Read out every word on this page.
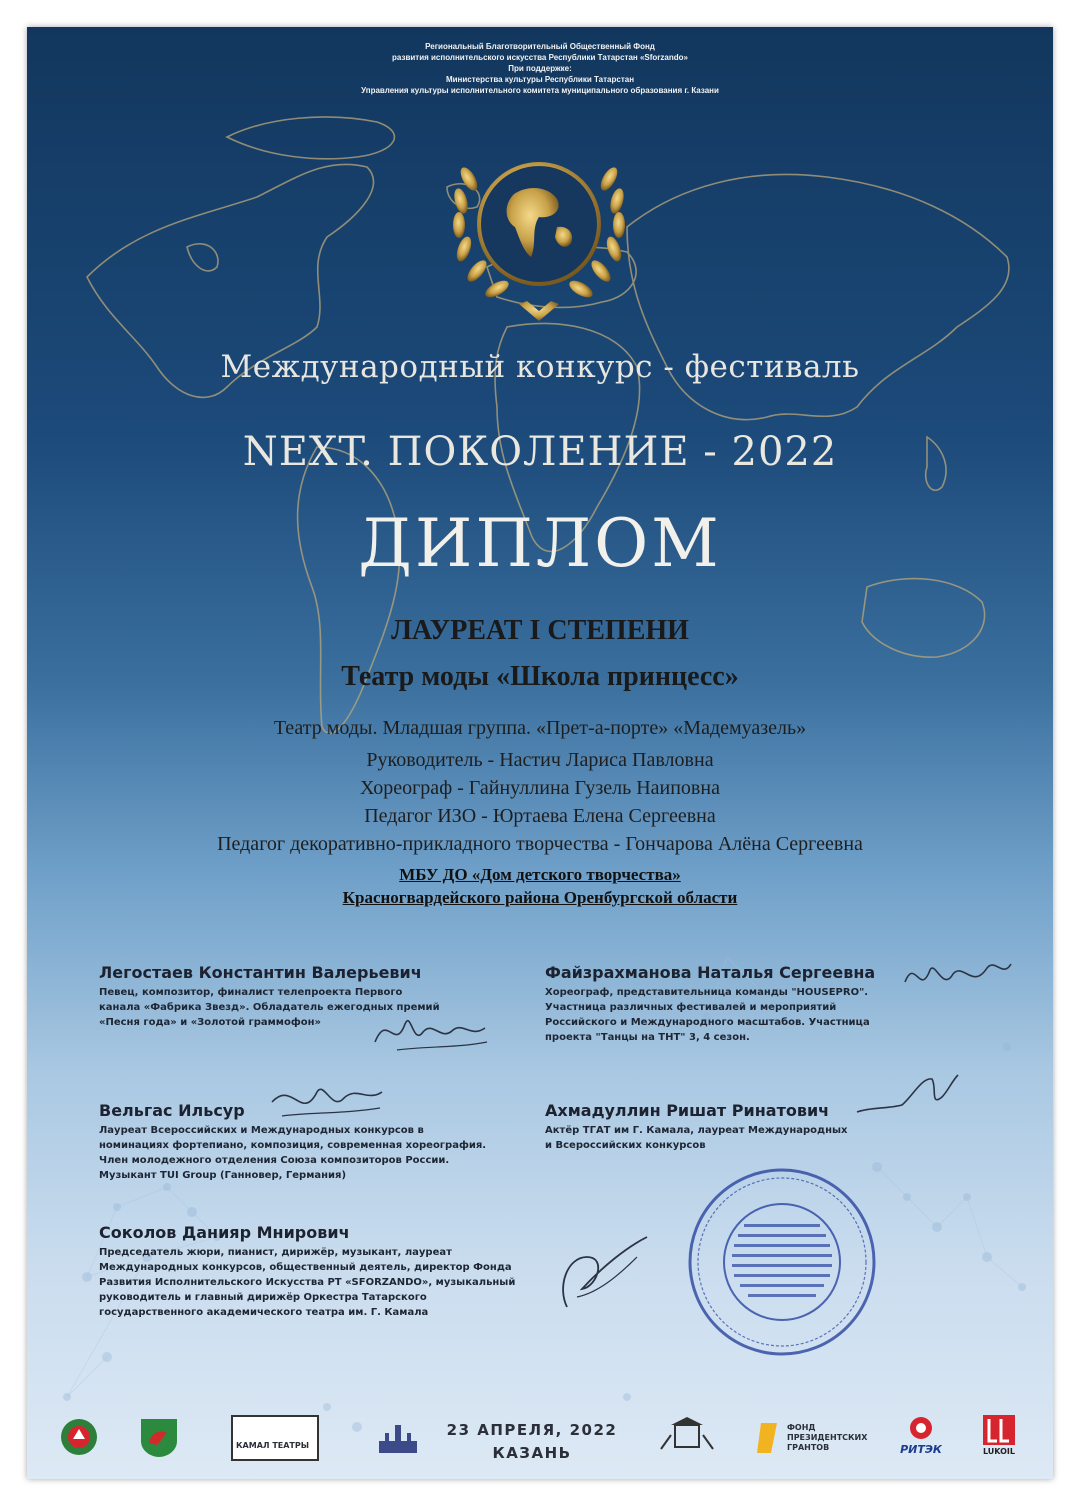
Региональный Благотворительный Общественный Фонд
развития исполнительского искусства Республики Татарстан «Sforzando»
При поддержке:
Министерства культуры Республики Татарстан
Управления культуры исполнительного комитета муниципального образования г. Казани
Международный конкурс - фестиваль
NEXT. ПОКОЛЕНИЕ - 2022
ДИПЛОМ
ЛАУРЕАТ I СТЕПЕНИ
Театр моды «Школа принцесс»
Театр моды. Младшая группа. «Прет-а-порте» «Мадемуазель»
Руководитель - Настич Лариса Павловна
Хореограф - Гайнуллина Гузель Наиповна
Педагог ИЗО - Юртаева Елена Сергеевна
Педагог декоративно-прикладного творчества - Гончарова Алёна Сергеевна
МБУ ДО «Дом детского творчества»
Красногвардейского района Оренбургской области
Легостаев Константин Валерьевич
Певец, композитор, финалист телепроекта Первого
канала «Фабрика Звезд». Обладатель ежегодных премий
«Песня года» и «Золотой граммофон»
Файзрахманова Наталья Сергеевна
Хореограф, представительница команды "HOUSEPRO".
Участница различных фестивалей и мероприятий
Российского и Международного масштабов. Участница
проекта "Танцы на ТНТ" 3, 4 сезон.
Вельгас Ильсур
Лауреат Всероссийских и Международных конкурсов в
номинациях фортепиано, композиция, современная хореография.
Член молодежного отделения Союза композиторов России.
Музыкант TUI Group (Ганновер, Германия)
Ахмадуллин Ришат Ринатович
Актёр ТГАТ им Г. Камала, лауреат Международных
и Всероссийских конкурсов
Соколов Данияр Мнирович
Председатель жюри, пианист, дирижёр, музыкант, лауреат
Международных конкурсов, общественный деятель, директор Фонда
Развития Исполнительского Искусства РТ «SFORZANDO», музыкальный
руководитель и главный дирижёр Оркестра Татарского
государственного академического театра им. Г. Камала
23 АПРЕЛЯ, 2022
КАЗАНЬ
КАМАЛ ТЕАТРЫ
ФОНД
ПРЕЗИДЕНТСКИХ
ГРАНТОВ	РИТЭК	LUKOIL
